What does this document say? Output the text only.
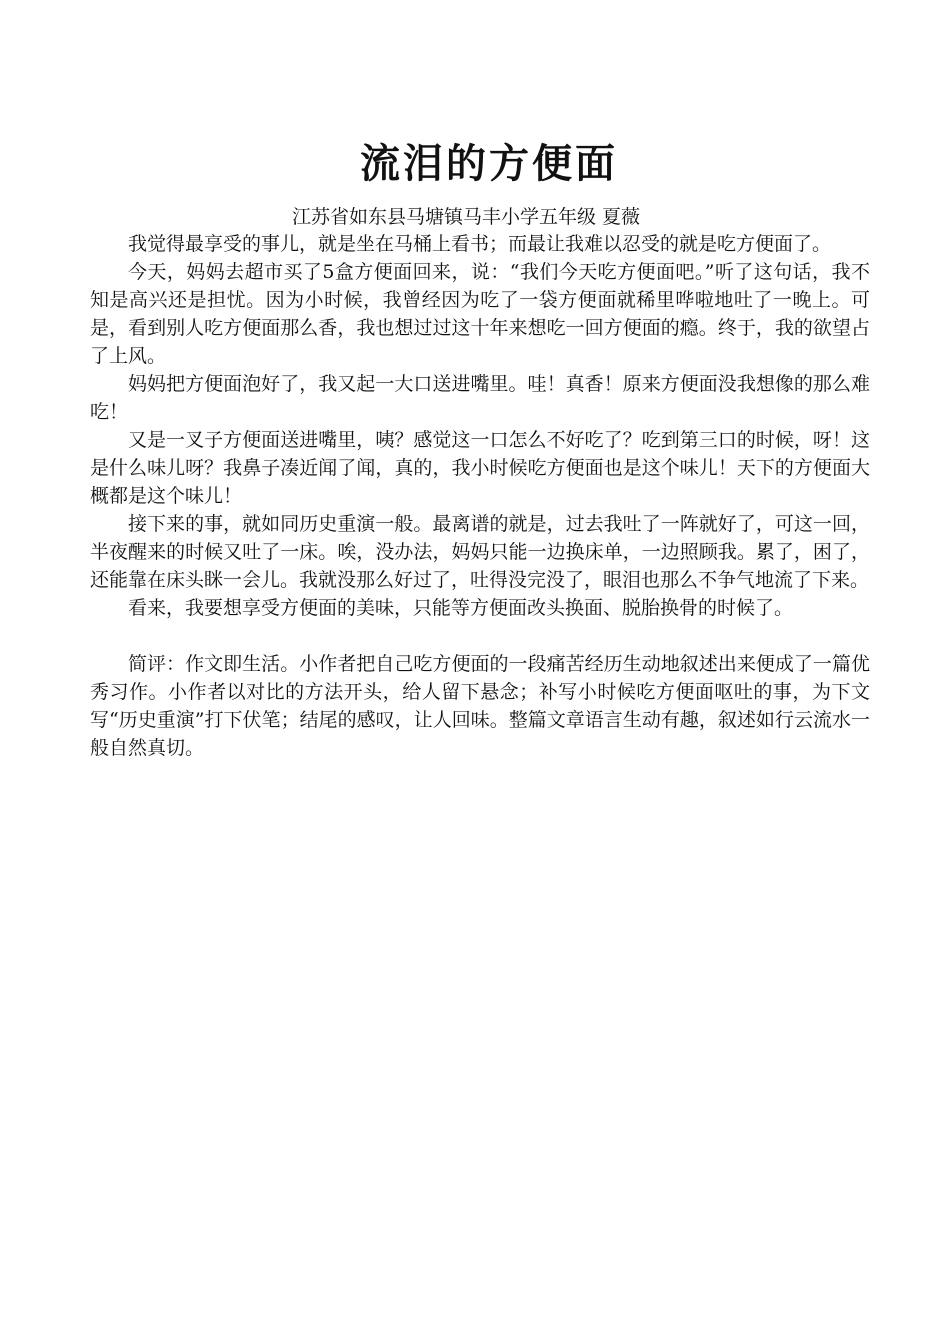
流泪的方便面
江苏省如东县马塘镇马丰小学五年级 夏薇

我觉得最享受的事儿，就是坐在马桶上看书；而最让我难以忍受的就是吃方便面了。

今天，妈妈去超市买了5盒方便面回来，说：“我们今天吃方便面吧。”听了这句话，我不知是高兴还是担忧。因为小时候，我曾经因为吃了一袋方便面就稀里哗啦地吐了一晚上。可是，看到别人吃方便面那么香，我也想过过这十年来想吃一回方便面的瘾。终于，我的欲望占了上风。

妈妈把方便面泡好了，我又起一大口送进嘴里。哇！真香！原来方便面没我想像的那么难吃！

又是一叉子方便面送进嘴里，咦？感觉这一口怎么不好吃了？吃到第三口的时候，呀！这是什么味儿呀？我鼻子凑近闻了闻，真的，我小时候吃方便面也是这个味儿！天下的方便面大概都是这个味儿！

接下来的事，就如同历史重演一般。最离谱的就是，过去我吐了一阵就好了，可这一回，半夜醒来的时候又吐了一床。唉，没办法，妈妈只能一边换床单，一边照顾我。累了，困了，还能靠在床头眯一会儿。我就没那么好过了，吐得没完没了，眼泪也那么不争气地流了下来。

看来，我要想享受方便面的美味，只能等方便面改头换面、脱胎换骨的时候了。

简评：作文即生活。小作者把自己吃方便面的一段痛苦经历生动地叙述出来便成了一篇优秀习作。小作者以对比的方法开头，给人留下悬念；补写小时候吃方便面呕吐的事，为下文写“历史重演”打下伏笔；结尾的感叹，让人回味。整篇文章语言生动有趣，叙述如行云流水一般自然真切。
